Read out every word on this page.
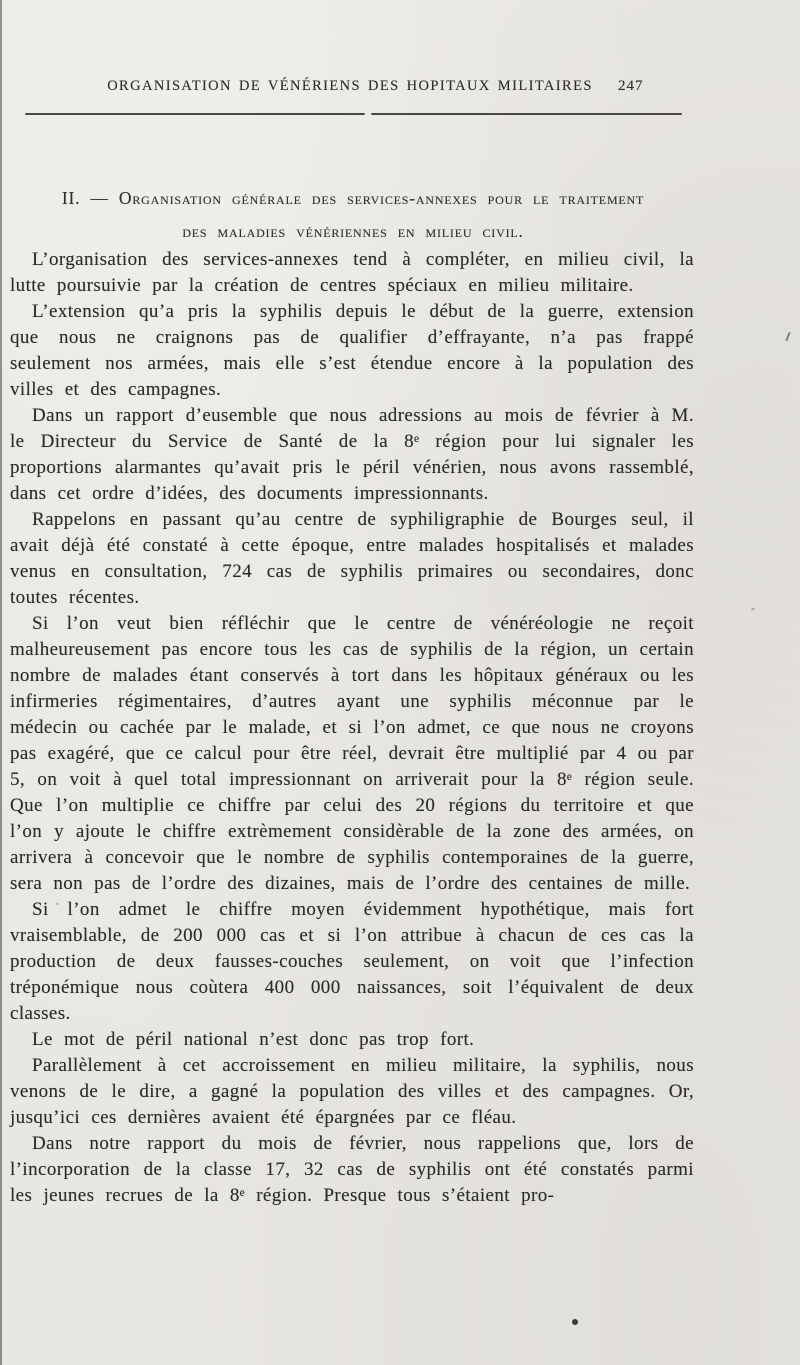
ORGANISATION DE VÉNÉRIENS DES HOPITAUX MILITAIRES	247
II. — Organisation générale des services-annexes pour le traitement
des maladies vénériennes en milieu civil.

L’organisation des services-annexes tend à compléter, en milieu civil, la lutte poursuivie par la création de centres spéciaux en milieu militaire.

L’extension qu’a pris la syphilis depuis le début de la guerre, extension que nous ne craignons pas de qualifier d’effrayante, n’a pas frappé seulement nos armées, mais elle s’est étendue encore à la population des villes et des campagnes.

Dans un rapport d’eusemble que nous adressions au mois de février à M. le Directeur du Service de Santé de la 8ᵉ région pour lui signaler les proportions alarmantes qu’avait pris le péril vénérien, nous avons rassemblé, dans cet ordre d’idées, des documents impressionnants.

Rappelons en passant qu’au centre de syphiligraphie de Bourges seul, il avait déjà été constaté à cette époque, entre malades hospitalisés et malades venus en consultation, 724 cas de syphilis primaires ou secondaires, donc toutes récentes.

Si l’on veut bien réfléchir que le centre de vénéréologie ne reçoit malheureusement pas encore tous les cas de syphilis de la région, un certain nombre de malades étant conservés à tort dans les hôpitaux généraux ou les infirmeries régimentaires, d’autres ayant une syphilis méconnue par le médecin ou cachée par le malade, et si l’on admet, ce que nous ne croyons pas exagéré, que ce calcul pour être réel, devrait être multiplié par 4 ou par 5, on voit à quel total impressionnant on arriverait pour la 8ᵉ région seule. Que l’on multiplie ce chiffre par celui des 20 régions du territoire et que l’on y ajoute le chiffre extrèmement considèrable de la zone des armées, on arrivera à concevoir que le nombre de syphilis contemporaines de la guerre, sera non pas de l’ordre des dizaines, mais de l’ordre des centaines de mille.

Si l’on admet le chiffre moyen évidemment hypothétique, mais fort vraisemblable, de 200 000 cas et si l’on attribue à chacun de ces cas la production de deux fausses-couches seulement, on voit que l’infection tréponémique nous coùtera 400 000 naissances, soit l’équivalent de deux classes.

Le mot de péril national n’est donc pas trop fort.

Parallèlement à cet accroissement en milieu militaire, la syphilis, nous venons de le dire, a gagné la population des villes et des campagnes. Or, jusqu’ici ces dernières avaient été épargnées par ce fléau.

Dans notre rapport du mois de février, nous rappelions que, lors de l’incorporation de la classe 17, 32 cas de syphilis ont été constatés parmi les jeunes recrues de la 8ᵉ région. Presque tous s’étaient pro-
